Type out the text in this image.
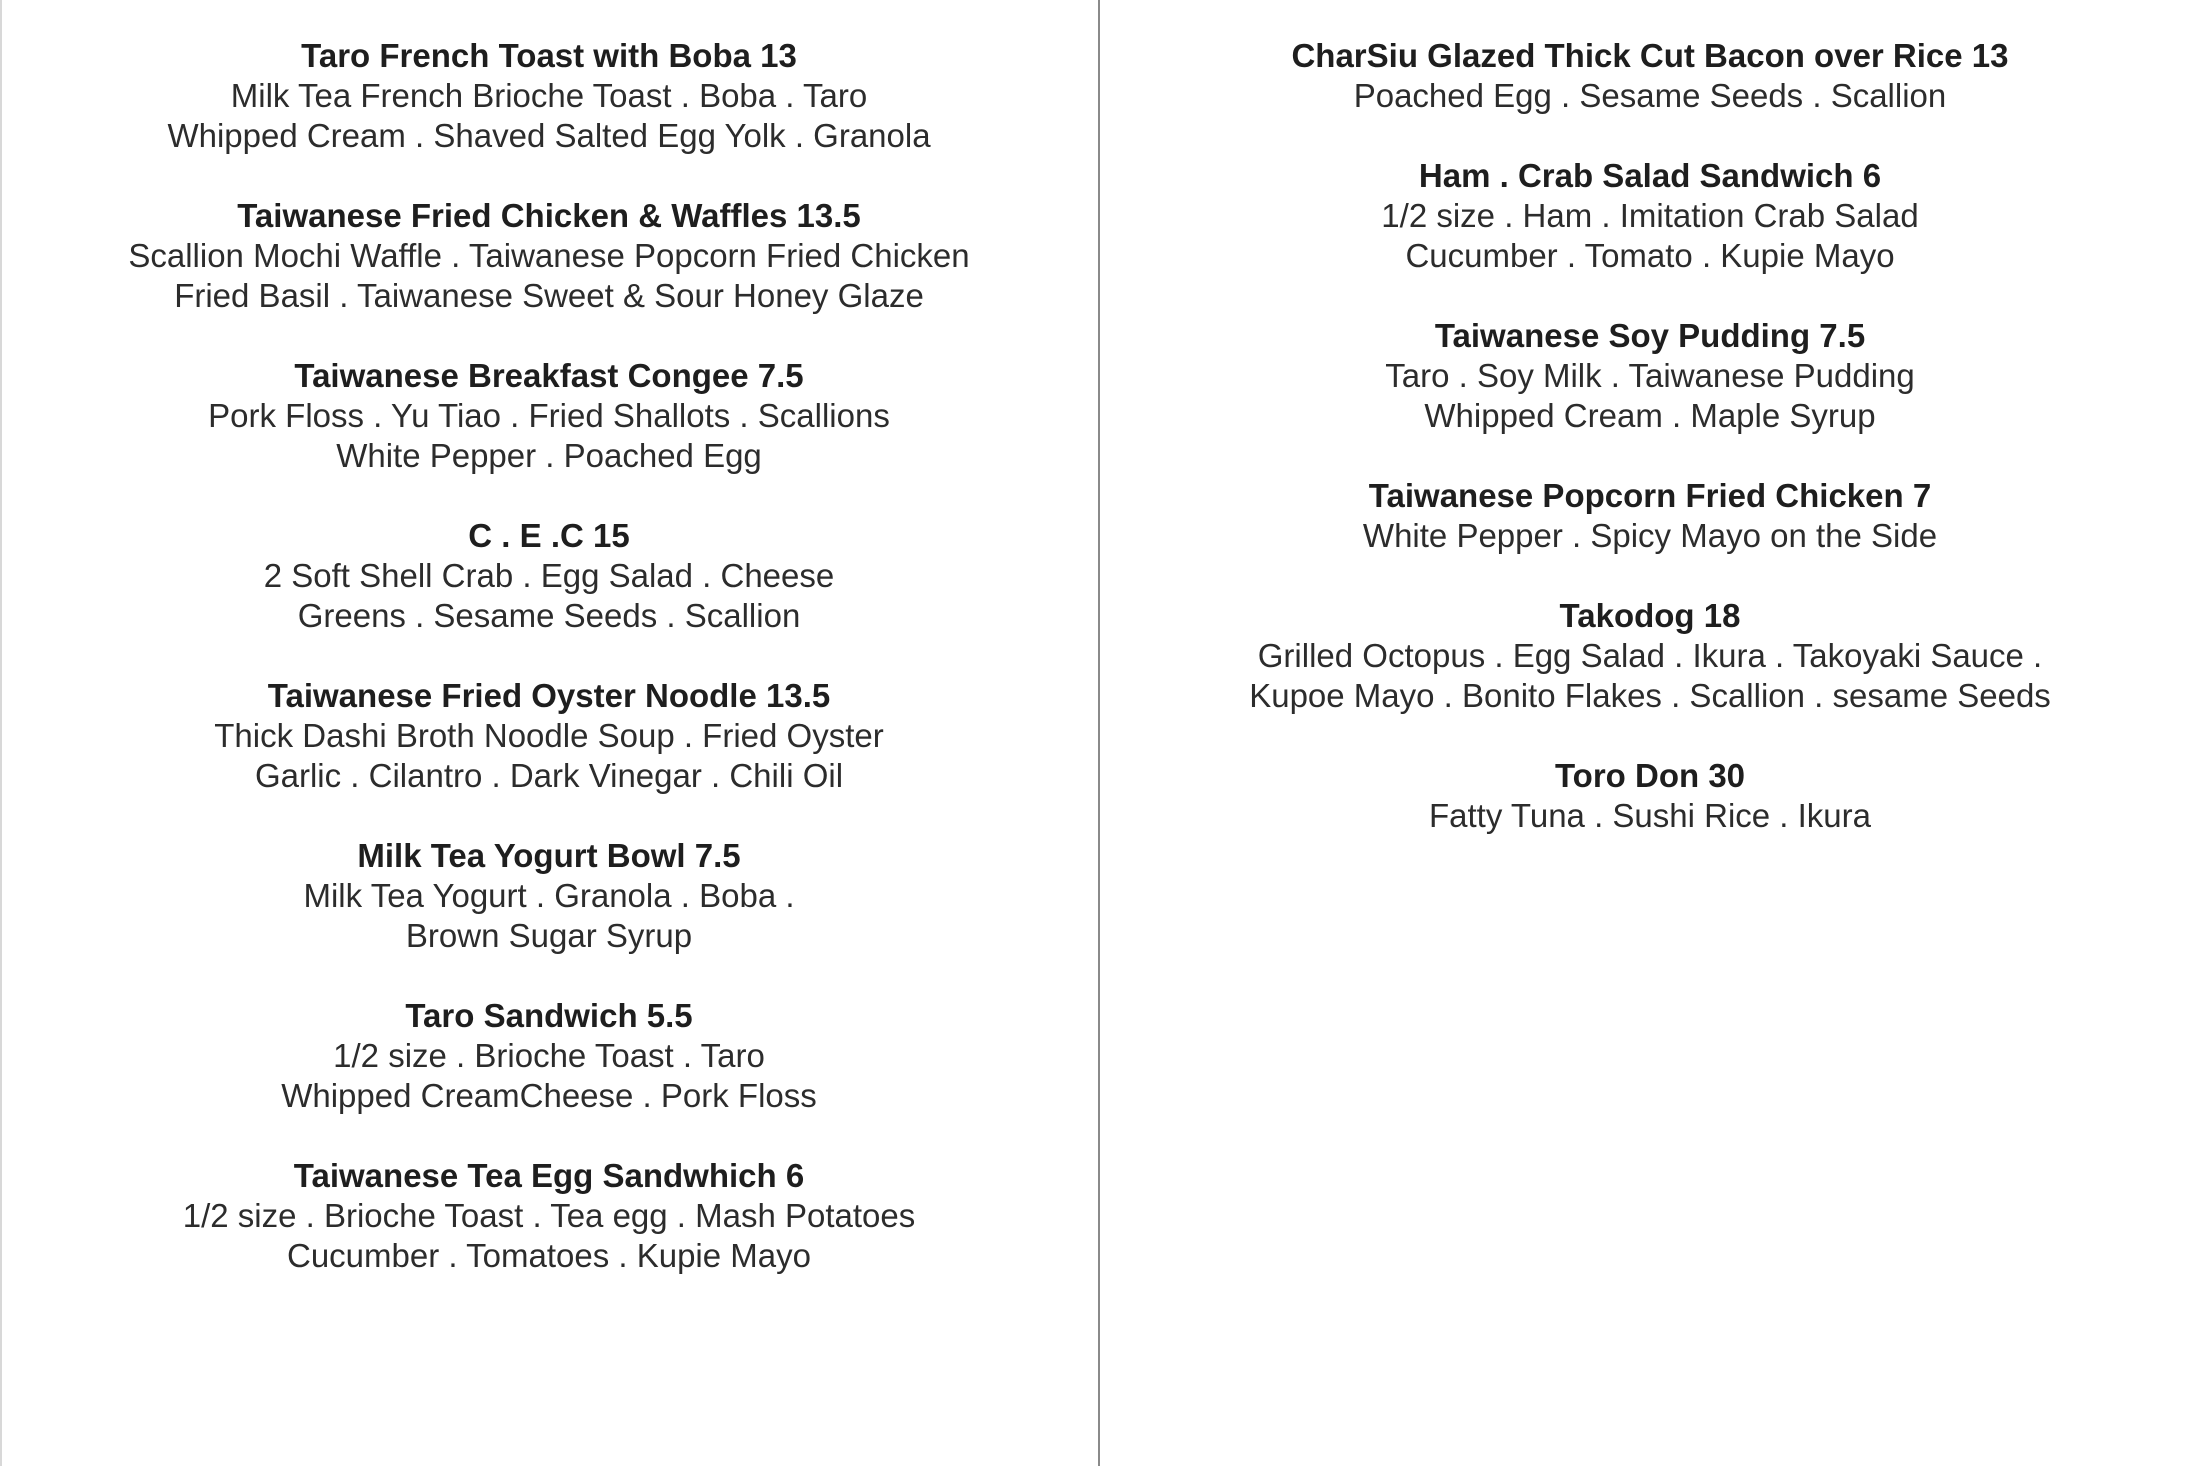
Taro French Toast with Boba 13
Milk Tea French Brioche Toast . Boba . Taro
Whipped Cream . Shaved Salted Egg Yolk . Granola
Taiwanese Fried Chicken & Waffles 13.5
Scallion Mochi Waffle . Taiwanese Popcorn Fried Chicken
Fried Basil . Taiwanese Sweet & Sour Honey Glaze
Taiwanese Breakfast Congee 7.5
Pork Floss . Yu Tiao . Fried Shallots . Scallions
White Pepper . Poached Egg
C . E .C 15
2 Soft Shell Crab . Egg Salad . Cheese
Greens . Sesame Seeds . Scallion
Taiwanese Fried Oyster Noodle 13.5
Thick Dashi Broth Noodle Soup . Fried Oyster
Garlic . Cilantro . Dark Vinegar . Chili Oil
Milk Tea Yogurt Bowl 7.5
Milk Tea Yogurt . Granola . Boba .
Brown Sugar Syrup
Taro Sandwich 5.5
1/2 size . Brioche Toast . Taro
Whipped CreamCheese . Pork Floss
Taiwanese Tea Egg Sandwhich 6
1/2 size . Brioche Toast . Tea egg . Mash Potatoes
Cucumber . Tomatoes . Kupie Mayo
CharSiu Glazed Thick Cut Bacon over Rice 13
Poached Egg . Sesame Seeds . Scallion
Ham . Crab Salad Sandwich 6
1/2 size . Ham . Imitation Crab Salad
Cucumber . Tomato . Kupie Mayo
Taiwanese Soy Pudding 7.5
Taro . Soy Milk . Taiwanese Pudding
Whipped Cream . Maple Syrup
Taiwanese Popcorn Fried Chicken 7
White Pepper . Spicy Mayo on the Side
Takodog 18
Grilled Octopus . Egg Salad . Ikura . Takoyaki Sauce .
Kupoe Mayo . Bonito Flakes . Scallion . sesame Seeds
Toro Don 30
Fatty Tuna . Sushi Rice . Ikura
